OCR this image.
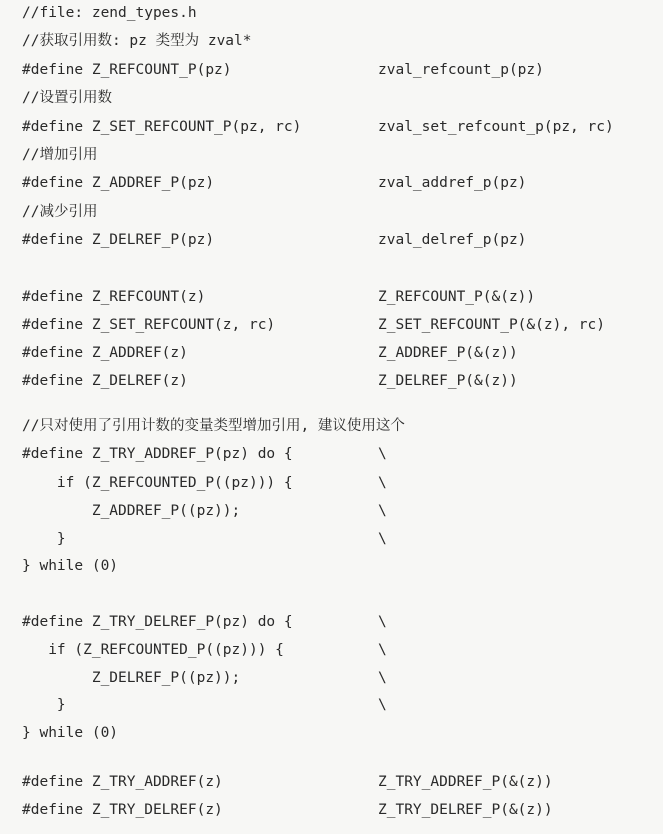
//file: zend_types.h
//获取引用数: pz 类型为 zval*
#define Z_REFCOUNT_P(pz)	zval_refcount_p(pz)
//设置引用数
#define Z_SET_REFCOUNT_P(pz, rc)	zval_set_refcount_p(pz, rc)
//增加引用
#define Z_ADDREF_P(pz)	zval_addref_p(pz)
//减少引用
#define Z_DELREF_P(pz)	zval_delref_p(pz)
#define Z_REFCOUNT(z)	Z_REFCOUNT_P(&(z))
#define Z_SET_REFCOUNT(z, rc)	Z_SET_REFCOUNT_P(&(z), rc)
#define Z_ADDREF(z)	Z_ADDREF_P(&(z))
#define Z_DELREF(z)	Z_DELREF_P(&(z))
//只对使用了引用计数的变量类型增加引用, 建议使用这个
#define Z_TRY_ADDREF_P(pz) do {	\
if (Z_REFCOUNTED_P((pz))) {	\
Z_ADDREF_P((pz));	\
}	\
} while (0)
#define Z_TRY_DELREF_P(pz) do {	\
if (Z_REFCOUNTED_P((pz))) {	\
Z_DELREF_P((pz));	\
}	\
} while (0)
#define Z_TRY_ADDREF(z)	Z_TRY_ADDREF_P(&(z))
#define Z_TRY_DELREF(z)	Z_TRY_DELREF_P(&(z))
